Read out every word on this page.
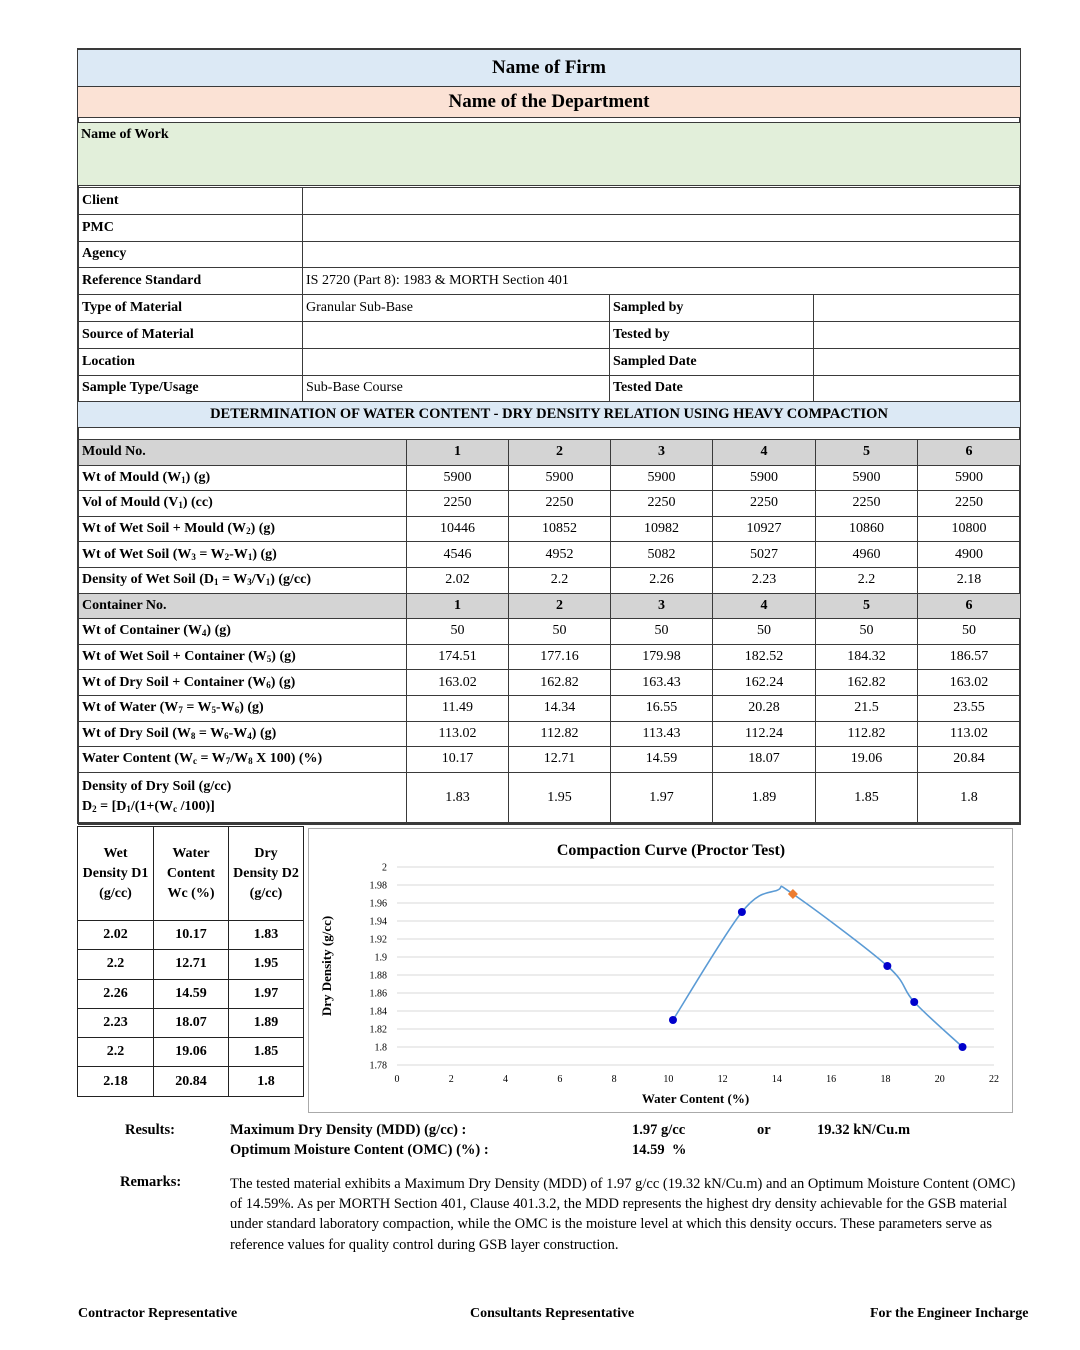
Name of Firm
Name of the Department
Name of Work
Client			
PMC			
Agency			
Reference Standard	IS 2720 (Part 8): 1983 & MORTH Section 401		
Type of Material	Granular Sub-Base	Sampled by	
Source of Material		Tested by	
Location		Sampled Date	
Sample Type/Usage	Sub-Base Course	Tested Date	
DETERMINATION OF WATER CONTENT - DRY DENSITY RELATION USING HEAVY COMPACTION
Mould No.	1	2	3	4	5	6
Wt of Mould $(W_1)$ (g)	5900	5900	5900	5900	5900	5900
Vol of Mould $(V_1)$ (cc)	2250	2250	2250	2250	2250	2250
Wt of Wet Soil + Mould $(W_2)$ (g)	10446	10852	10982	10927	10860	10800
Wt of Wet Soil $(W_3 = W_2-W_1)$ (g)	4546	4952	5082	5027	4960	4900
Density of Wet Soil $(D_1 = W_3/V_1)$ (g/cc)	2.02	2.2	2.26	2.23	2.2	2.18
Container No.	1	2	3	4	5	6
Wt of Container $(W_4)$ (g)	50	50	50	50	50	50
Wt of Wet Soil + Container $(W_5)$ (g)	174.51	177.16	179.98	182.52	184.32	186.57
Wt of Dry Soil + Container $(W_6)$ (g)	163.02	162.82	163.43	162.24	162.82	163.02
Wt of Water $(W_7 = W_5-W_6)$ (g)	11.49	14.34	16.55	20.28	21.5	23.55
Wt of Dry Soil $(W_8 = W_6-W_4)$ (g)	113.02	112.82	113.43	112.24	112.82	113.02
Water Content ($W_c = W_7/W_8$ X 100) (%)	10.17	12.71	14.59	18.07	19.06	20.84
Density of Dry Soil (g/cc)
$D_2 = [D_1/(1+(W_c$ /100)]	1.83	1.95	1.97	1.89	1.85	1.8
Wet Density D1 (g/cc)	Water Content Wc (%)	Dry Density D2 (g/cc)
2.02	10.17	1.83
2.2	12.71	1.95
2.26	14.59	1.97
2.23	18.07	1.89
2.2	19.06	1.85
2.18	20.84	1.8
Compaction Curve (Proctor Test)
1.78
1.8
1.82
1.84
1.86
1.88
1.9
1.92
1.94
1.96
1.98
2
0	2	4	6	8	10	12	14	16	18	20	22
Water Content (%)
Dry Density (g/cc)
Results:	Maximum Dry Density (MDD) (g/cc) :	1.97 g/cc	or	19.32 kN/Cu.m
Optimum Moisture Content (OMC) (%) :	14.59  %
Remarks:	The tested material exhibits a Maximum Dry Density (MDD) of 1.97 g/cc (19.32 kN/Cu.m) and an Optimum Moisture Content (OMC) of 14.59%. As per MORTH Section 401, Clause 401.3.2, the MDD represents the highest dry density achievable for the GSB material under standard laboratory compaction, while the OMC is the moisture level at which this density occurs. These parameters serve as reference values for quality control during GSB layer construction.
Contractor Representative	Consultants Representative	For the Engineer Incharge
